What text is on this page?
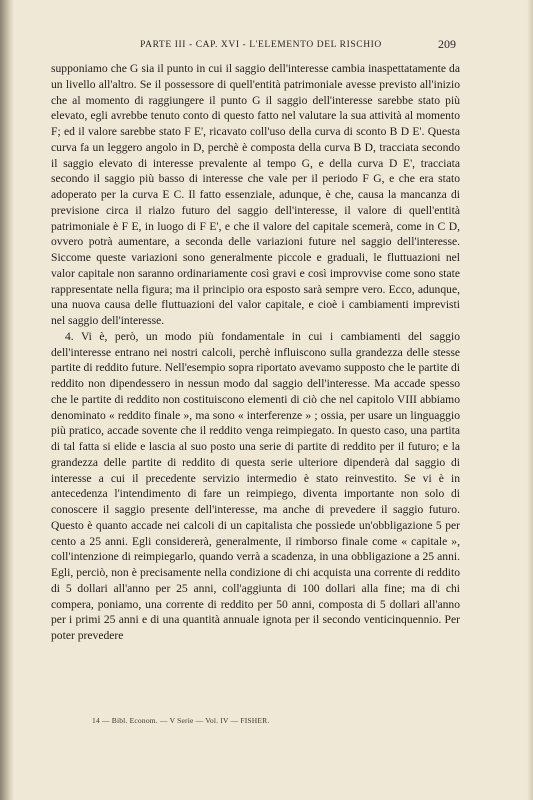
PARTE III - CAP. XVI - L'ELEMENTO DEL RISCHIO	209

supponiamo che G sia il punto in cui il saggio dell'interesse cambia inaspettatamente da un livello all'altro. Se il possessore di quell'entità patrimoniale avesse previsto all'inizio che al momento di raggiungere il punto G il saggio dell'interesse sarebbe stato più elevato, egli avrebbe tenuto conto di questo fatto nel valutare la sua attività al momento F; ed il valore sarebbe stato F E', ricavato coll'uso della curva di sconto B D E'. Questa curva fa un leggero angolo in D, perchè è composta della curva B D, tracciata secondo il saggio elevato di interesse prevalente al tempo G, e della curva D E', tracciata secondo il saggio più basso di interesse che vale per il periodo F G, e che era stato adoperato per la curva E C. Il fatto essenziale, adunque, è che, causa la mancanza di previsione circa il rialzo futuro del saggio dell'interesse, il valore di quell'entità patrimoniale è F E, in luogo di F E', e che il valore del capitale scemerà, come in C D, ovvero potrà aumentare, a seconda delle variazioni future nel saggio dell'interesse. Siccome queste variazioni sono generalmente piccole e graduali, le fluttuazioni nel valor capitale non saranno ordinariamente così gravi e così improvvise come sono state rappresentate nella figura; ma il principio ora esposto sarà sempre vero. Ecco, adunque, una nuova causa delle fluttuazioni del valor capitale, e cioè i cambiamenti imprevisti nel saggio dell'interesse.

4. Vi è, però, un modo più fondamentale in cui i cambiamenti del saggio dell'interesse entrano nei nostri calcoli, perchè influiscono sulla grandezza delle stesse partite di reddito future. Nell'esempio sopra riportato avevamo supposto che le partite di reddito non dipendessero in nessun modo dal saggio dell'interesse. Ma accade spesso che le partite di reddito non costituiscono elementi di ciò che nel capitolo VIII abbiamo denominato « reddito finale », ma sono « interferenze » ; ossia, per usare un linguaggio più pratico, accade sovente che il reddito venga reimpiegato. In questo caso, una partita di tal fatta si elide e lascia al suo posto una serie di partite di reddito per il futuro; e la grandezza delle partite di reddito di questa serie ulteriore dipenderà dal saggio di interesse a cui il precedente servizio intermedio è stato reinvestito. Se vi è in antecedenza l'intendimento di fare un reimpiego, diventa importante non solo di conoscere il saggio presente dell'interesse, ma anche di prevedere il saggio futuro. Questo è quanto accade nei calcoli di un capitalista che possiede un'obbligazione 5 per cento a 25 anni. Egli considererà, generalmente, il rimborso finale come « capitale », coll'intenzione di reimpiegarlo, quando verrà a scadenza, in una obbligazione a 25 anni. Egli, perciò, non è precisamente nella condizione di chi acquista una corrente di reddito di 5 dollari all'anno per 25 anni, coll'aggiunta di 100 dollari alla fine; ma di chi compera, poniamo, una corrente di reddito per 50 anni, composta di 5 dollari all'anno per i primi 25 anni e di una quantità annuale ignota per il secondo venticinquennio. Per poter prevedere

14 — Bibl. Econom. — V Serie — Vol. IV — FISHER.
